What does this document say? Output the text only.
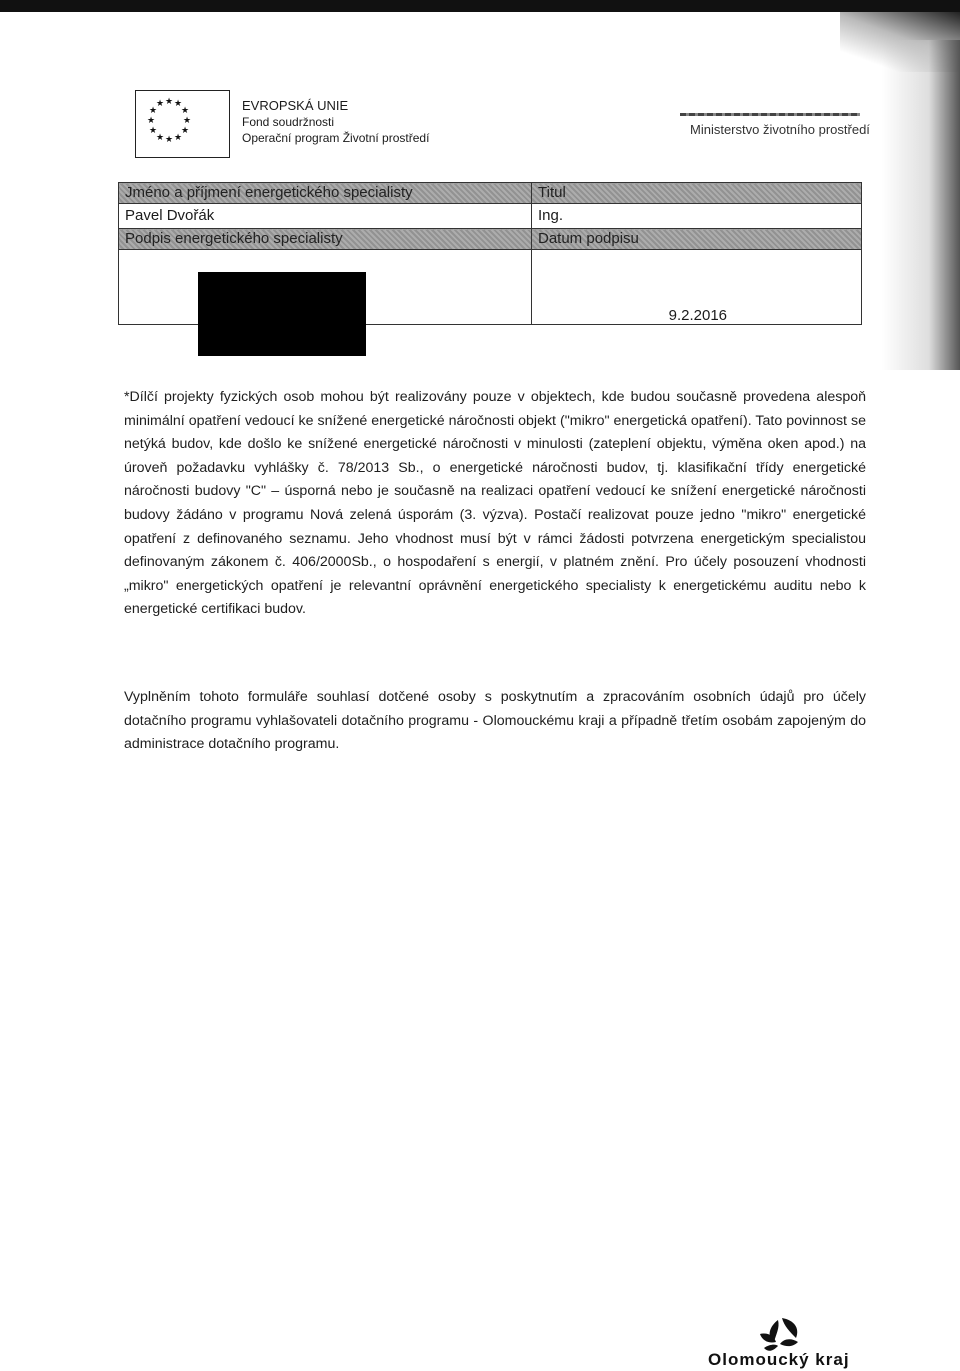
★ ★
★
★
★
★
★
★
★
★
★
★	EVROPSKÁ UNIE
Fond soudržnosti
Operační program Životní prostředí
Ministerstvo životního prostředí
Jméno a příjmení energetického specialisty	Titul
Pavel Dvořák	Ing.
Podpis energetického specialisty	Datum podpisu

	9.2.2016
*Dílčí projekty fyzických osob mohou být realizovány pouze v objektech, kde budou současně provedena alespoň minimální opatření vedoucí ke snížené energetické náročnosti objekt ("mikro" energetická opatření). Tato povinnost se netýká budov, kde došlo ke snížené energetické náročnosti v minulosti (zateplení objektu, výměna oken apod.) na úroveň požadavku vyhlášky č. 78/2013 Sb., o energetické náročnosti budov, tj. klasifikační třídy energetické náročnosti budovy "C" – úsporná nebo je současně na realizaci opatření vedoucí ke snížení energetické náročnosti budovy žádáno v programu Nová zelená úsporám (3. výzva). Postačí realizovat pouze jedno "mikro" energetické opatření z definovaného seznamu. Jeho vhodnost musí být v rámci žádosti potvrzena energetickým specialistou definovaným zákonem č. 406/2000Sb., o hospodaření s energií, v platném znění. Pro účely posouzení vhodnosti „mikro" energetických opatření je relevantní oprávnění energetického specialisty k energetickému auditu nebo k energetické certifikaci budov.
Vyplněním tohoto formuláře souhlasí dotčené osoby s poskytnutím a zpracováním osobních údajů pro účely dotačního programu vyhlašovateli dotačního programu - Olomouckému kraji a případně třetím osobám zapojeným do administrace dotačního programu.
Olomoucký kraj
